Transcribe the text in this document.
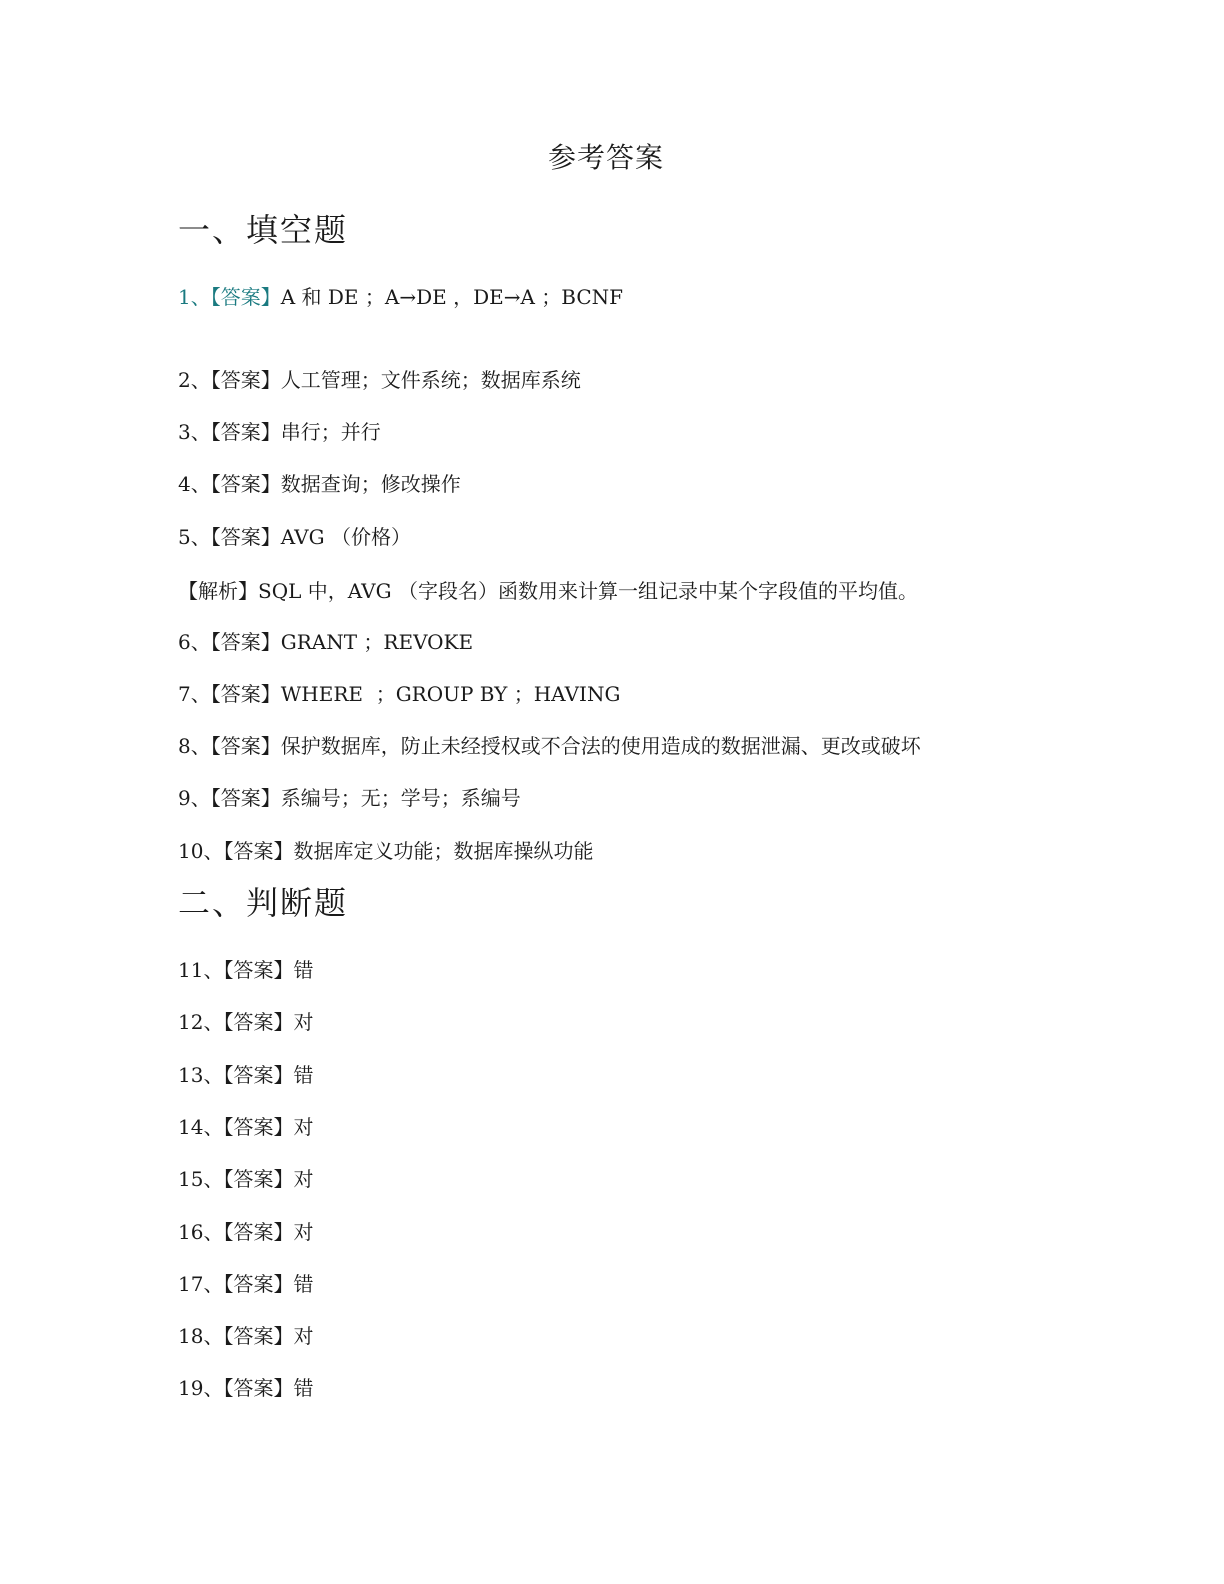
参考答案
一、填空题
1、【答案】A 和 DE ；A→DE ，DE→A ；BCNF
2、【答案】人工管理；文件系统；数据库系统
3、【答案】串行；并行
4、【答案】数据查询；修改操作
5、【答案】AVG （价格）
【解析】SQL 中，AVG （字段名）函数用来计算一组记录中某个字段值的平均值。
6、【答案】GRANT ；REVOKE
7、【答案】WHERE  ；GROUP BY ；HAVING
8、【答案】保护数据库，防止未经授权或不合法的使用造成的数据泄漏、更改或破坏
9、【答案】系编号；无；学号；系编号
10、【答案】数据库定义功能；数据库操纵功能
二、判断题
11、【答案】错
12、【答案】对
13、【答案】错
14、【答案】对
15、【答案】对
16、【答案】对
17、【答案】错
18、【答案】对
19、【答案】错
